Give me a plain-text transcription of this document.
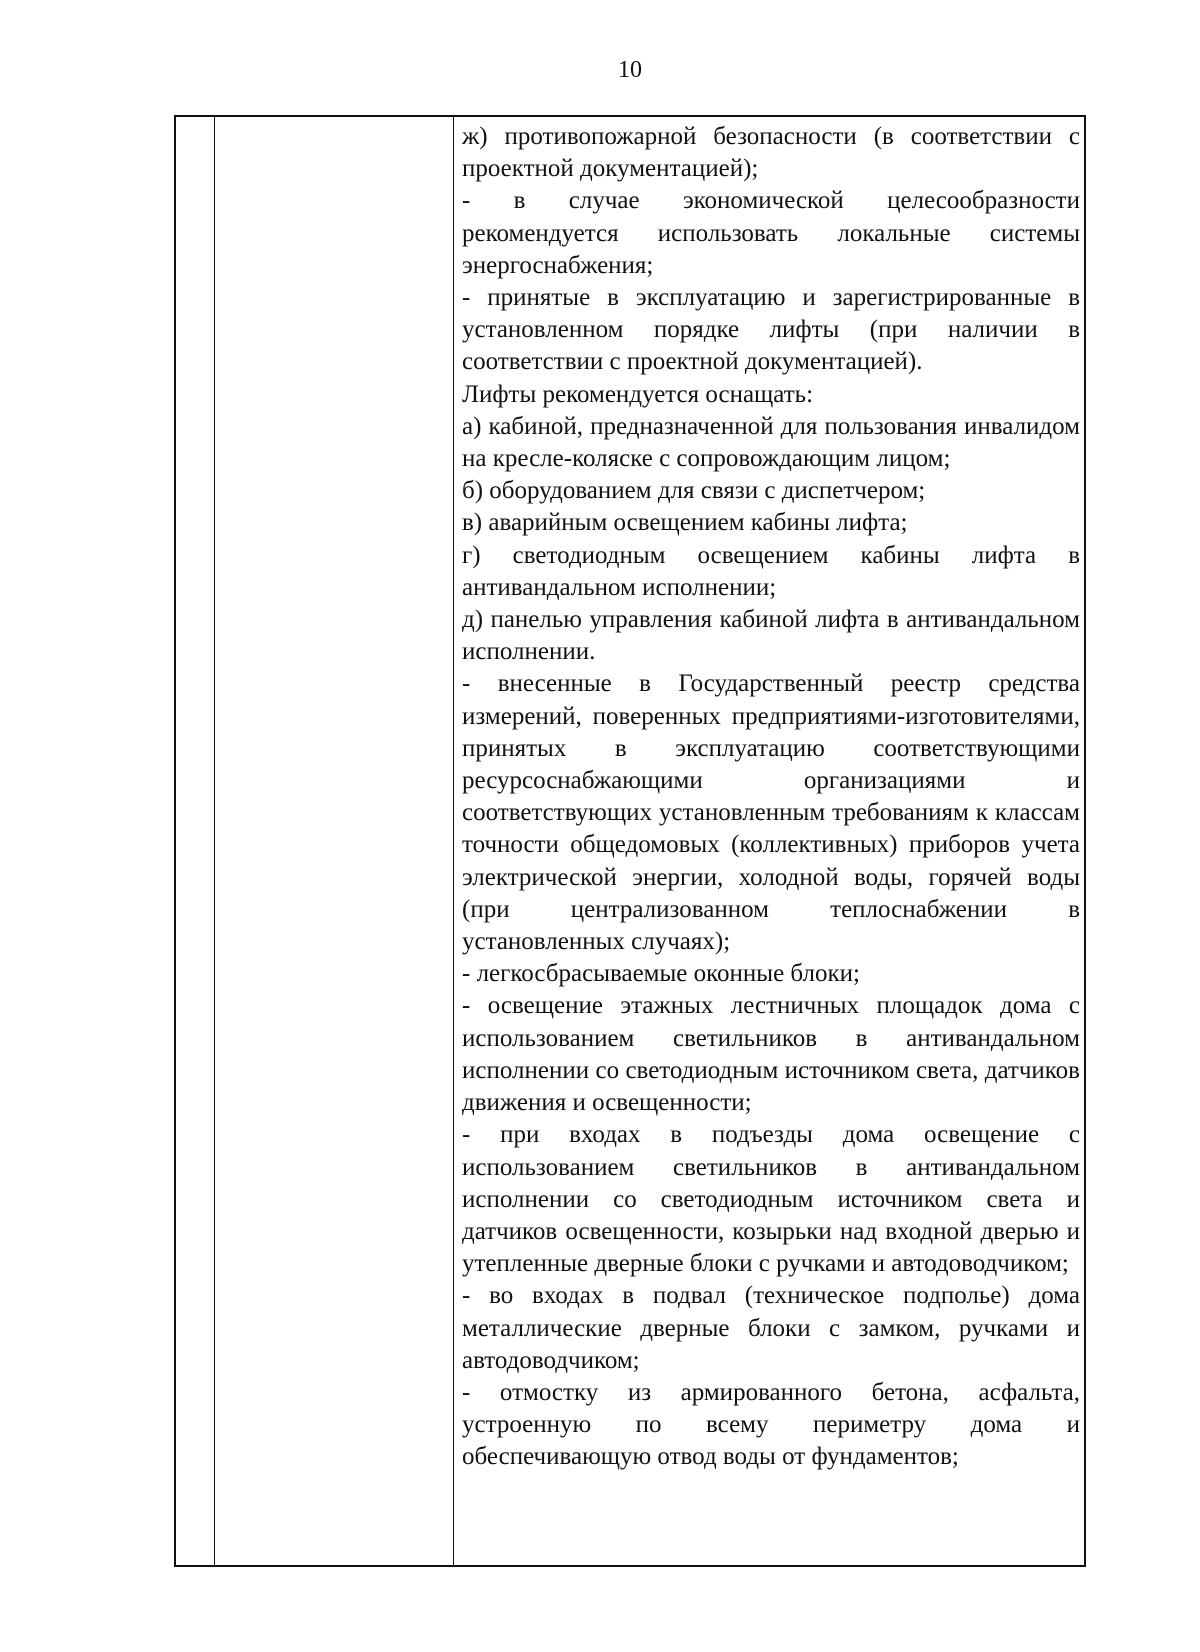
10

ж) противопожарной безопасности (в соответствии с проектной документацией);

- в случае экономической целесообразности рекомендуется использовать локальные системы энергоснабжения;

- принятые в эксплуатацию и зарегистрированные в установленном порядке лифты (при наличии в соответствии с проектной документацией).

Лифты рекомендуется оснащать:

а) кабиной, предназначенной для пользования инвалидом на кресле-коляске с сопровождающим лицом;

б) оборудованием для связи с диспетчером;

в) аварийным освещением кабины лифта;

г) светодиодным освещением кабины лифта в антивандальном исполнении;

д) панелью управления кабиной лифта в антивандальном исполнении.

- внесенные в Государственный реестр средства измерений, поверенных предприятиями-изготовителями, принятых в эксплуатацию соответствующими ресурсоснабжающими организациями и соответствующих установленным требованиям к классам точности общедомовых (коллективных) приборов учета электрической энергии, холодной воды, горячей воды (при централизованном теплоснабжении в установленных случаях);

- легкосбрасываемые оконные блоки;

- освещение этажных лестничных площадок дома с использованием светильников в антивандальном исполнении со светодиодным источником света, датчиков движения и освещенности;

- при входах в подъезды дома освещение с использованием светильников в антивандальном исполнении со светодиодным источником света и датчиков освещенности, козырьки над входной дверью и утепленные дверные блоки с ручками и автодоводчиком;

- во входах в подвал (техническое подполье) дома металлические дверные блоки с замком, ручками и автодоводчиком;

- отмостку из армированного бетона, асфальта, устроенную по всему периметру дома и обеспечивающую отвод воды от фундаментов;
